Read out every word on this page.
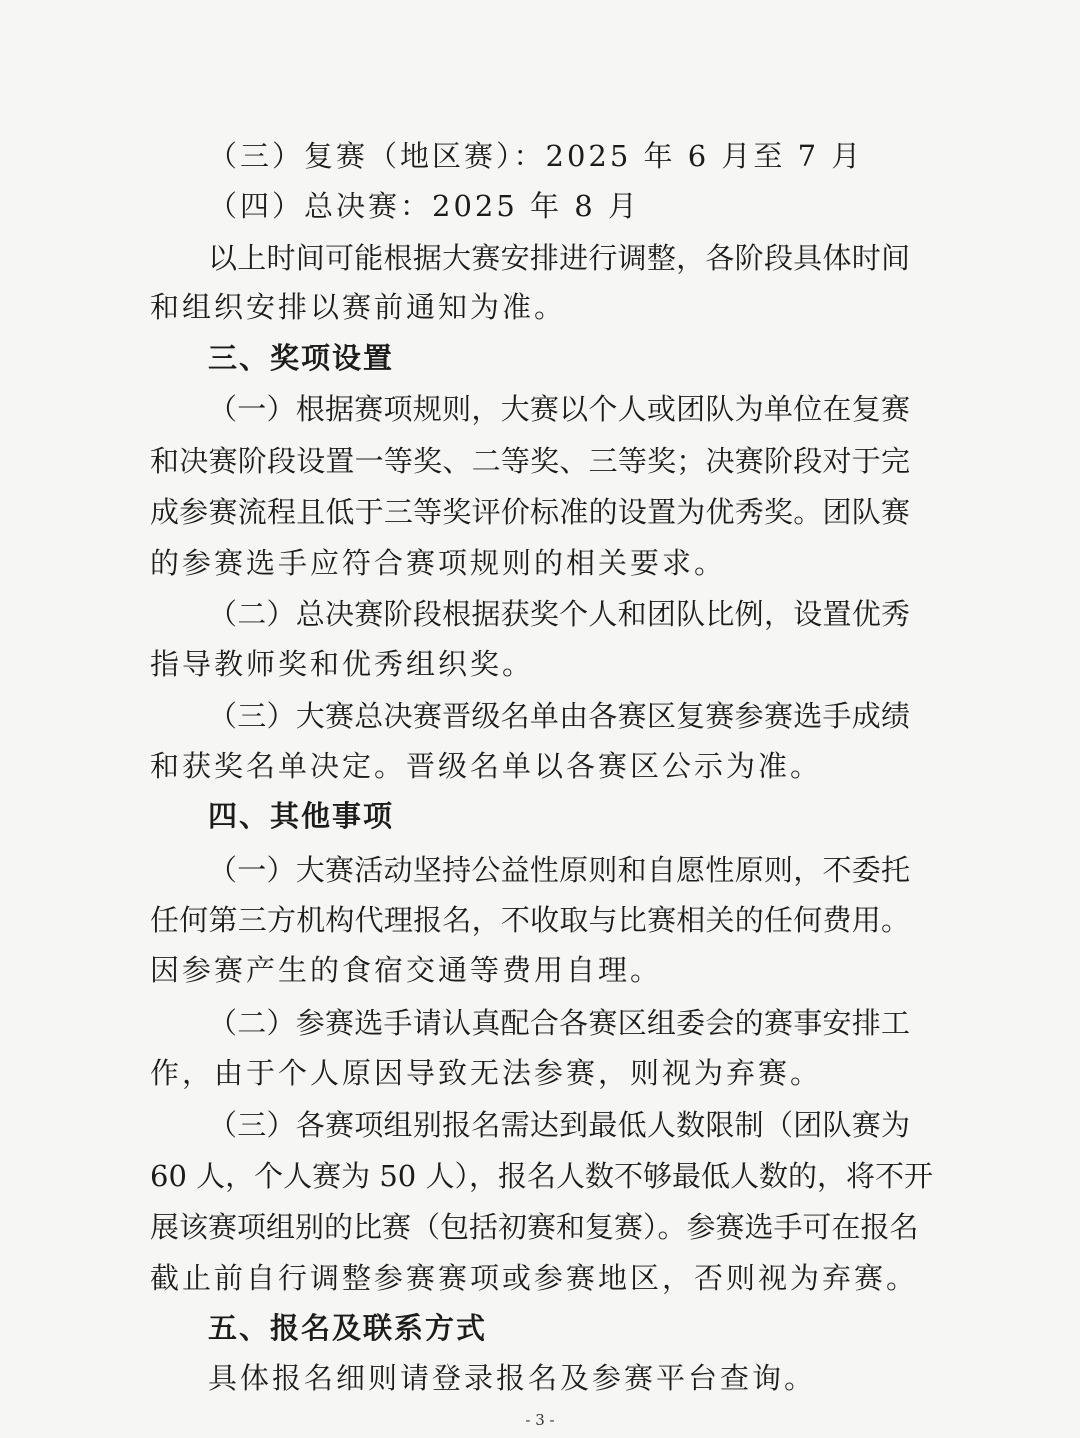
（三）复赛（地区赛）：2025 年 6 月至 7 月
（四）总决赛：2025 年 8 月
以上时间可能根据大赛安排进行调整，各阶段具体时间
和组织安排以赛前通知为准。
三、奖项设置
（一）根据赛项规则，大赛以个人或团队为单位在复赛
和决赛阶段设置一等奖、二等奖、三等奖；决赛阶段对于完
成参赛流程且低于三等奖评价标准的设置为优秀奖。团队赛
的参赛选手应符合赛项规则的相关要求。
（二）总决赛阶段根据获奖个人和团队比例，设置优秀
指导教师奖和优秀组织奖。
（三）大赛总决赛晋级名单由各赛区复赛参赛选手成绩
和获奖名单决定。晋级名单以各赛区公示为准。
四、其他事项
（一）大赛活动坚持公益性原则和自愿性原则，不委托
任何第三方机构代理报名，不收取与比赛相关的任何费用。
因参赛产生的食宿交通等费用自理。
（二）参赛选手请认真配合各赛区组委会的赛事安排工
作，由于个人原因导致无法参赛，则视为弃赛。
（三）各赛项组别报名需达到最低人数限制（团队赛为
60 人，个人赛为 50 人），报名人数不够最低人数的，将不开
展该赛项组别的比赛（包括初赛和复赛）。参赛选手可在报名
截止前自行调整参赛赛项或参赛地区，否则视为弃赛。
五、报名及联系方式
具体报名细则请登录报名及参赛平台查询。
- 3 -
